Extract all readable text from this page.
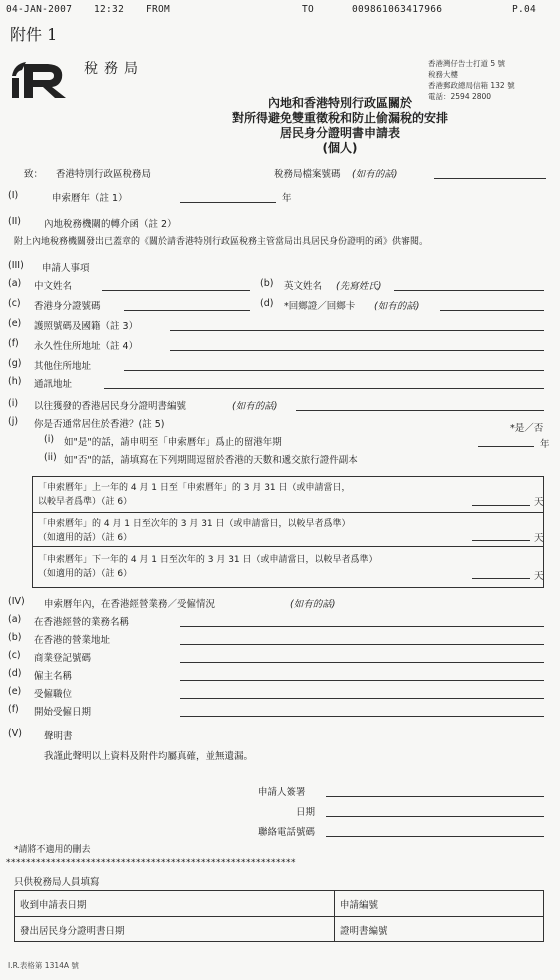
04-JAN-2007 12:32 FROM	TO	009861063417966	P.04
附件 1
稅務局	香港灣仔告士打道 5 號
稅務大樓
香港郵政總局信箱 132 號
電話：2594 2800
內地和香港特別行政區關於
對所得避免雙重徵稅和防止偷漏稅的安排
居民身分證明書申請表
(個人)
致： 香港特別行政區稅務局	稅務局檔案號碼 (如有的話)
(I)	申索曆年（註 1）	年
(II) 內地稅務機關的轉介函（註 2）
附上內地稅務機關發出已蓋章的《關於請香港特別行政區稅務主管當局出具居民身份證明的函》供審閱。
(III) 申請人事項
(a) 中文姓名	(b) 英文姓名 (先寫姓氏)
(c) 香港身分證號碼	(d) *回鄉證／回鄉卡 (如有的話)
(e) 護照號碼及國籍（註 3）
(f) 永久性住所地址（註 4）
(g) 其他住所地址
(h) 通訊地址
(i) 以往獲發的香港居民身分證明書編號	(如有的話)
(j) 你是否通常居住於香港？(註 5)	*是／否
(i) 如"是"的話，請申明至「申索曆年」爲止的留港年期	年
(ii) 如"否"的話，請填寫在下列期間逗留於香港的天數和遞交旅行證件副本
「申索曆年」上一年的 4 月 1 日至「申索曆年」的 3 月 31 日（或申請當日，
以較早者爲準）（註 6）	天
「申索曆年」的 4 月 1 日至次年的 3 月 31 日（或申請當日，以較早者爲準）
（如適用的話）（註 6）	天
「申索曆年」下一年的 4 月 1 日至次年的 3 月 31 日（或申請當日，以較早者爲準）
（如適用的話）（註 6）	天
(IV) 申索曆年內，在香港經營業務／受僱情況	(如有的話)
(a) 在香港經營的業務名稱
(b) 在香港的營業地址
(c) 商業登記號碼
(d) 僱主名稱
(e) 受僱職位
(f) 開始受僱日期
(V) 聲明書
我謹此聲明以上資料及附件均屬真確，並無遺漏。
申請人簽署
日期
聯絡電話號碼
*請將不適用的刪去
**********************************************************
只供稅務局人員填寫
收到申請表日期	申請編號
發出居民身分證明書日期	證明書編號
I.R.表格第 1314A 號
